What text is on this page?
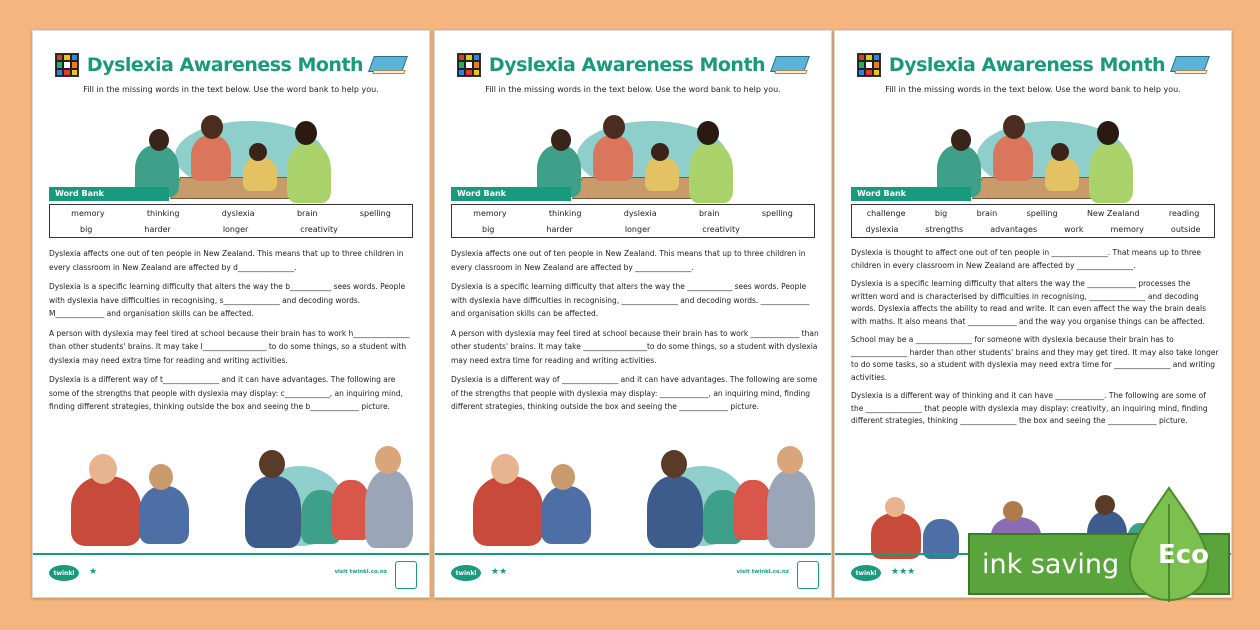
Dyslexia Awareness Month
Fill in the missing words in the text below. Use the word bank to help you.
Word Bank
memory	thinking	dyslexia	brain	spelling
big	harder	longer	creativity

Dyslexia affects one out of ten people in New Zealand. This means that up to three children in every classroom in New Zealand are affected by d_______________.

Dyslexia is a specific learning difficulty that alters the way the b___________ sees words. People with dyslexia have difficulties in recognising, s_______________ and decoding words. M_____________ and organisation skills can be affected.

A person with dyslexia may feel tired at school because their brain has to work h_______________ than other students' brains. It may take l_________________ to do some things, so a student with dyslexia may need extra time for reading and writing activities.

Dyslexia is a different way of t_______________ and it can have advantages. The following are some of the strengths that people with dyslexia may display: c____________, an inquiring mind, finding different strategies, thinking outside the box and seeing the b_____________ picture.

twinkl	★	visit twinkl.co.nz
Dyslexia Awareness Month
Fill in the missing words in the text below. Use the word bank to help you.
Word Bank
memory	thinking	dyslexia	brain	spelling
big	harder	longer	creativity

Dyslexia affects one out of ten people in New Zealand. This means that up to three children in every classroom in New Zealand are affected by _______________.

Dyslexia is a specific learning difficulty that alters the way the ____________ sees words. People with dyslexia have difficulties in recognising, _______________ and decoding words. _____________ and organisation skills can be affected.

A person with dyslexia may feel tired at school because their brain has to work _____________ than other students' brains. It may take _________________to do some things, so a student with dyslexia may need extra time for reading and writing activities.

Dyslexia is a different way of _______________ and it can have advantages. The following are some of the strengths that people with dyslexia may display: _____________, an inquiring mind, finding different strategies, thinking outside the box and seeing the _____________ picture.

twinkl	★★	visit twinkl.co.nz
Dyslexia Awareness Month
Fill in the missing words in the text below. Use the word bank to help you.
Word Bank
challenge	big	brain	spelling	New Zealand	reading
dyslexia	strengths	advantages	work	memory	outside

Dyslexia is thought to affect one out of ten people in _______________. That means up to three children in every classroom in New Zealand are affected by _______________.

Dyslexia is a specific learning difficulty that alters the way the _____________ processes the written word and is characterised by difficulties in recognising, _______________ and decoding words. Dyslexia affects the ability to read and write. It can even affect the way the brain deals with maths. It also means that _____________ and the way you organise things can be affected.

School may be a _______________ for someone with dyslexia because their brain has to _______________ harder than other students' brains and they may get tired. It may also take longer to do some tasks, so a student with dyslexia may need extra time for _______________ and writing activities.

Dyslexia is a different way of thinking and it can have _____________. The following are some of the _______________ that people with dyslexia may display: creativity, an inquiring mind, finding different strategies, thinking _______________ the box and seeing the _____________ picture.

twinkl	★★★ ink saving Eco
